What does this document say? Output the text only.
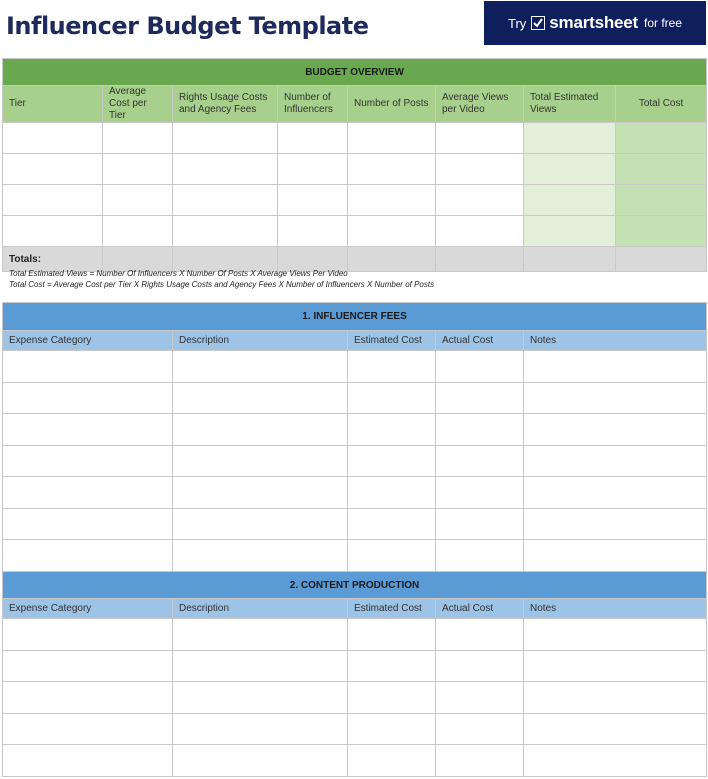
Influencer Budget Template	Try smartsheet for free
BUDGET OVERVIEW							
Tier	Average Cost per Tier	Rights Usage Costs and Agency Fees	Number of Influencers	Number of Posts	Average Views per Video	Total Estimated Views	Total Cost

Totals:							
Total Estimated Views = Number Of Influencers X Number Of Posts X Average Views Per Video
Total Cost = Average Cost per Tier X Rights Usage Costs and Agency Fees X Number of Influencers X Number of Posts
1. INFLUENCER FEES				
Expense Category	Description	Estimated Cost	Actual Cost	Notes

2. CONTENT PRODUCTION				
Expense Category	Description	Estimated Cost	Actual Cost	Notes
